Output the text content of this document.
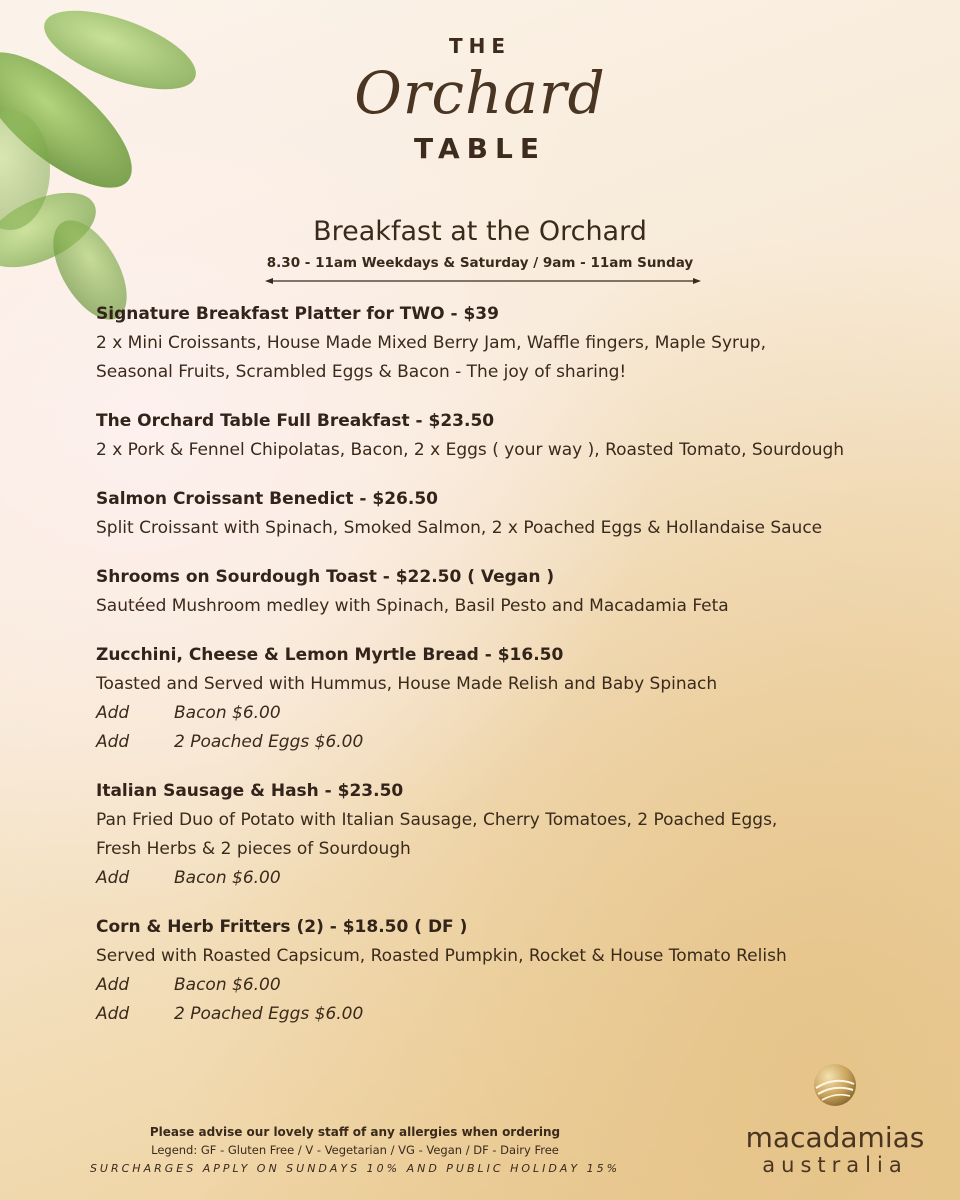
THE
Orchard
TABLE
Breakfast at the Orchard
8.30 - 11am Weekdays & Saturday / 9am - 11am Sunday
Signature Breakfast Platter for TWO - $39
2 x Mini Croissants, House Made Mixed Berry Jam, Waffle fingers, Maple Syrup,
Seasonal Fruits, Scrambled Eggs & Bacon - The joy of sharing!
The Orchard Table Full Breakfast - $23.50
2 x Pork & Fennel Chipolatas, Bacon, 2 x Eggs ( your way ), Roasted Tomato, Sourdough
Salmon Croissant Benedict - $26.50
Split Croissant with Spinach, Smoked Salmon, 2 x Poached Eggs & Hollandaise Sauce
Shrooms on Sourdough Toast - $22.50 ( Vegan )
Sautéed Mushroom medley with Spinach, Basil Pesto and Macadamia Feta
Zucchini, Cheese & Lemon Myrtle Bread - $16.50
Toasted and Served with Hummus, House Made Relish and Baby Spinach
Add	Bacon $6.00
Add	2 Poached Eggs $6.00
Italian Sausage & Hash - $23.50
Pan Fried Duo of Potato with Italian Sausage, Cherry Tomatoes, 2 Poached Eggs,
Fresh Herbs & 2 pieces of Sourdough
Add	Bacon $6.00
Corn & Herb Fritters (2) - $18.50 ( DF )
Served with Roasted Capsicum, Roasted Pumpkin, Rocket & House Tomato Relish
Add	Bacon $6.00
Add	2 Poached Eggs $6.00
Please advise our lovely staff of any allergies when ordering
Legend: GF - Gluten Free / V - Vegetarian / VG - Vegan / DF - Dairy Free
SURCHARGES APPLY ON SUNDAYS 10% AND PUBLIC HOLIDAY 15%
macadamias
australia
